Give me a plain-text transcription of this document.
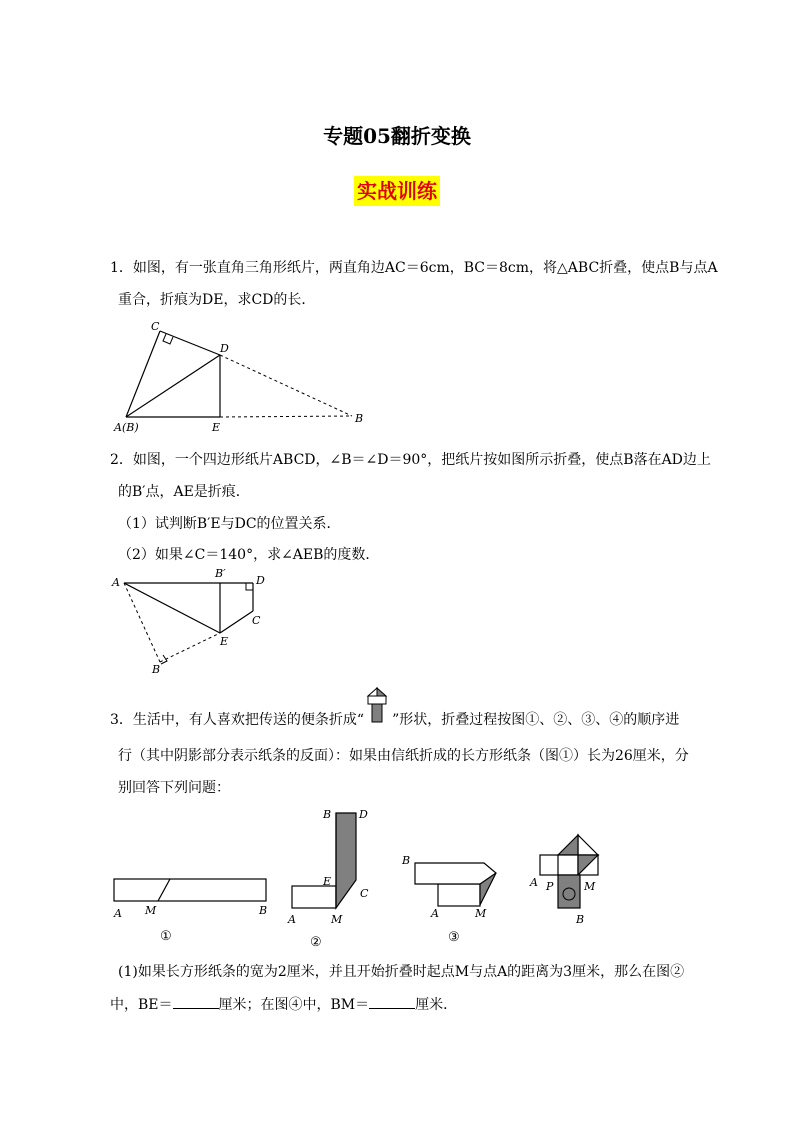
专题05翻折变换
实战训练
1．如图，有一张直角三角形纸片，两直角边AC＝6cm，BC＝8cm，将△ABC折叠，使点B与点A
重合，折痕为DE，求CD的长．
C
D
A(B)	E
B
2．如图，一个四边形纸片ABCD，∠B＝∠D＝90°，把纸片按如图所示折叠，使点B落在AD边上
的B′点，AE是折痕．
（1）试判断B′E与DC的位置关系．
（2）如果∠C＝140°，求∠AEB的度数．
A
B′
D
C
E
B
3．生活中，有人喜欢把传送的便条折成“ ”形状，折叠过程按图①、②、③、④的顺序进
行（其中阴影部分表示纸条的反面）：如果由信纸折成的长方形纸条（图①）长为26厘米，分
别回答下列问题：
A M	B
①
B	D
E
C
A	M
②
B
A	M
③
A P	M
B
(1)如果长方形纸条的宽为2厘米，并且开始折叠时起点M与点A的距离为3厘米，那么在图②
中，BE＝	厘米；在图④中，BM＝	厘米．
